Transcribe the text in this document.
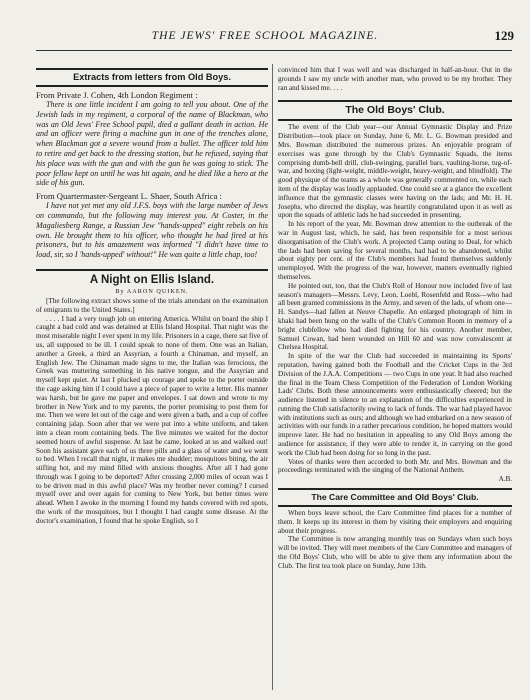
THE JEWS' FREE SCHOOL MAGAZINE.	129
Extracts from letters from Old Boys.

From Private J. Cohen, 4th London Regiment :

There is one little incident I am going to tell you about. One of the Jewish lads in my regiment, a corporal of the name of Blackman, who was an Old Jews' Free School pupil, died a gallant death in action. He and an officer were firing a machine gun in one of the trenches alone, when Blackman got a severe wound from a bullet. The officer told him to retire and get back to the dressing station, but he refused, saying that his place was with the gun and with the gun he was going to stick. The poor fellow kept on until he was hit again, and he died like a hero at the side of his gun.

From Quartermaster-Sergeant L. Shaer, South Africa :

I have not yet met any old J.F.S. boys with the large number of Jews on commando, but the following may interest you. At Coster, in the Magaliesberg Range, a Russian Jew "hands-upped" eight rebels on his own. He brought them to his officer, who thought he had fired at his prisoners, but to his amazement was informed "I didn't have time to load, sir, so I 'hands-upped' without!" He was quite a little chap, too!

A Night on Ellis Island.
By AARON QUIKEN.

[The following extract shows some of the trials attendant on the examination of emigrants to the United States.]

. . . . I had a very tough job on entering America. Whilst on board the ship I caught a bad cold and was detained at Ellis Island Hospital. That night was the most miserable night I ever spent in my life. Prisoners in a cage, there sat five of us, all supposed to be ill. I could speak to none of them. One was an Italian, another a Greek, a third an Assyrian, a fourth a Chinaman, and myself, an English Jew. The Chinaman made signs to me, the Italian was ferocious, the Greek was muttering something in his native tongue, and the Assyrian and myself kept quiet. At last I plucked up courage and spoke to the porter outside the cage asking him if I could have a piece of paper to write a letter. His manner was harsh, but he gave me paper and envelopes. I sat down and wrote to my brother in New York and to my parents, the porter promising to post them for me. Then we were let out of the cage and were given a bath, and a cup of coffee containing jalap. Soon after that we were put into a white uniform, and taken into a clean room containing beds. The five minutes we waited for the doctor seemed hours of awful suspense. At last he came, looked at us and walked out! Soon his assistant gave each of us three pills and a glass of water and we went to bed. When I recall that night, it makes me shudder; mosquitoes biting, the air stifling hot, and my mind filled with anxious thoughts. After all I had gone through was I going to be deported? After crossing 2,000 miles of ocean was I to be driven mad in this awful place? Was my brother never coming? I cursed myself over and over again for coming to New York, but better times were ahead. When I awoke in the morning I found my hands covered with red spots, the work of the mosquitoes, but I thought I had caught some disease. At the doctor's examination, I found that he spoke English, so I

convinced him that I was well and was discharged in half-an-hour. Out in the grounds I saw my uncle with another man, who proved to be my brother. They ran and kissed me. . . .

The Old Boys' Club.

The event of the Club year—our Annual Gymnastic Display and Prize Distribution—took place on Sunday, June 6, Mr. L. G. Bowman presided and Mrs. Bowman distributed the numerous prizes. An enjoyable program of exercises was gone through by the Club's Gymnastic Squads, the items comprising dumb-bell drill, club-swinging, parallel bars, vaulting-horse, tug-of-war, and boxing (light-weight, middle-weight, heavy-weight, and blindfold). The good physique of the teams as a whole was generally commented on, while each item of the display was loudly applauded. One could see at a glance the excellent influence that the gymnastic classes were having on the lads; and Mr. H. H. Josephs, who directed the display, was heartily congratulated upon it as well as upon the squads of athletic lads he had succeeded in presenting.

In his report of the year, Mr. Bowman drew attention to the outbreak of the war in August last, which, he said, has been responsible for a most serious disorganisation of the Club's work. A projected Camp outing to Deal, for which the lads had been saving for several months, had had to be abandoned, whilst about eighty per cent. of the Club's members had found themselves suddenly unemployed. With the progress of the war, however, matters eventually righted themselves.

He pointed out, too, that the Club's Roll of Honour now included five of last season's managers—Messrs. Levy, Leon, Loebl, Rosenfeld and Ross—who had all been granted commissions in the Army, and seven of the lads, of whom one—H. Sandys—had fallen at Neuve Chapelle. An enlarged photograph of him in khaki had been hung on the walls of the Club's Common Room in memory of a bright clubfellow who had died fighting for his country. Another member, Samuel Cowan, had been wounded on Hill 60 and was now convalescent at Chelsea Hospital.

In spite of the war the Club had succeeded in maintaining its Sports' reputation, having gained both the Football and the Cricket Cups in the 3rd Division of the J.A.A. Competitions — two Cups in one year. It had also reached the final in the Team Chess Competition of the Federation of London Working Lads' Clubs. Both these announcements were enthusiastically cheered; but the audience listened in silence to an explanation of the difficulties experienced in running the Club satisfactorily owing to lack of funds. The war had played havoc with institutions such as ours; and although we had embarked on a new season of activities with our funds in a rather precarious condition, he hoped matters would improve later. He had no hesitation in appealing to any Old Boys among the audience for assistance, if they were able to render it, in carrying on the good work the Club had been doing for so long in the past.

Votes of thanks were then accorded to both Mr. and Mrs. Bowman and the proceedings terminated with the singing of the National Anthem.

A.B.
The Care Committee and Old Boys' Club.

When boys leave school, the Care Committee find places for a number of them. It keeps up its interest in them by visiting their employers and enquiring about their progress.

The Committee is now arranging monthly teas on Sundays when such boys will be invited. They will meet members of the Care Committee and managers of the Old Boys' Club, who will be able to give them any information about the Club. The first tea took place on Sunday, June 13th.
